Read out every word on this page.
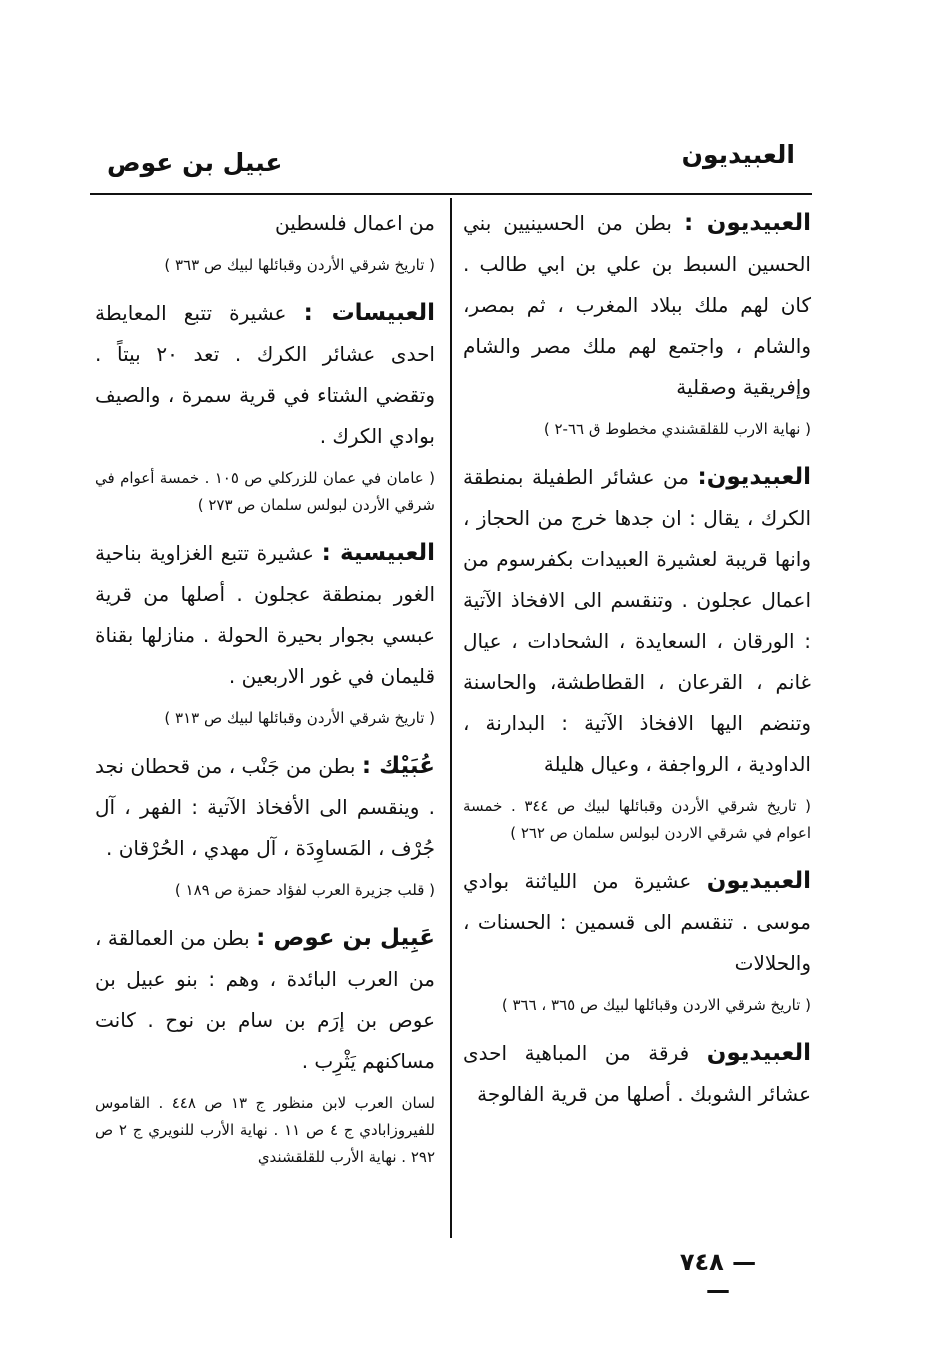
العبيديون
عبيل بن عوص
العبيديون : بطن من الحسينيين بني الحسين السبط بن علي بن ابي طالب . كان لهم ملك ببلاد المغرب ، ثم بمصر، والشام ، واجتمع لهم ملك مصر والشام وإفريقية وصقلية
( نهاية الارب للقلقشندي مخطوط ق ٦٦-٢ )
العبيديون: من عشائر الطفيلة بمنطقة الكرك ، يقال : ان جدها خرج من الحجاز ، وانها قريبة لعشيرة العبيدات بكفرسوم من اعمال عجلون . وتنقسم الى الافخاذ الآتية : الورقان ، السعايدة ، الشحادات ، عيال غانم ، القرعان ، القطاطشة، والحاسنة وتنضم اليها الافخاذ الآتية : البدارنة ، الداودية ، الرواجفة ، وعيال هليلة
( تاريخ شرقي الأردن وقبائلها لبيك ص ٣٤٤ . خمسة اعوام في شرقي الاردن لبولس سلمان ص ٢٦٢ )
العبيديون عشيرة من اللياثنة بوادي موسى . تنقسم الى قسمين : الحسنات ، والحلالات
( تاريخ شرقي الاردن وقبائلها لبيك ص ٣٦٥ ، ٣٦٦ )
العبيديون فرقة من المباهية احدى عشائر الشوبك . أصلها من قرية الفالوجة
من اعمال فلسطين
( تاريخ شرقي الأردن وقبائلها لبيك ص ٣٦٣ )
العبيسات : عشيرة تتبع المعايطة احدى عشائر الكرك . تعد ٢٠ بيتاً . وتقضي الشتاء في قرية سمرة ، والصيف بوادي الكرك .
( عامان في عمان للزركلي ص ١٠٥ . خمسة أعوام في شرقي الأردن لبولس سلمان ص ٢٧٣ )
العبيسية : عشيرة تتبع الغزاوية بناحية الغور بمنطقة عجلون . أصلها من قرية عبسي بجوار بحيرة الحولة . منازلها بقناة قليمان في غور الاربعين .
( تاريخ شرقي الأردن وقبائلها لبيك ص ٣١٣ )
عُبَيْك : بطن من جَنْب ، من قحطان نجد . وينقسم الى الأفخاذ الآتية : الفهر ، آل جُرْف ، المَساوِدَة ، آل مهدي ، الحُرْقان .
( قلب جزيرة العرب لفؤاد حمزة ص ١٨٩ )
عَبِيل بن عوص : بطن من العمالقة ، من العرب البائدة ، وهم : بنو عبيل بن عوص بن إرَم بن سام بن نوح . كانت مساكنهم يَثْرِب .
لسان العرب لابن منظور ج ١٣ ص ٤٤٨ . القاموس للفيروزابادي ج ٤ ص ١١ . نهاية الأرب للنويري ج ٢ ص ٢٩٢ . نهاية الأرب للقلقشندي
— ٧٤٨ —
